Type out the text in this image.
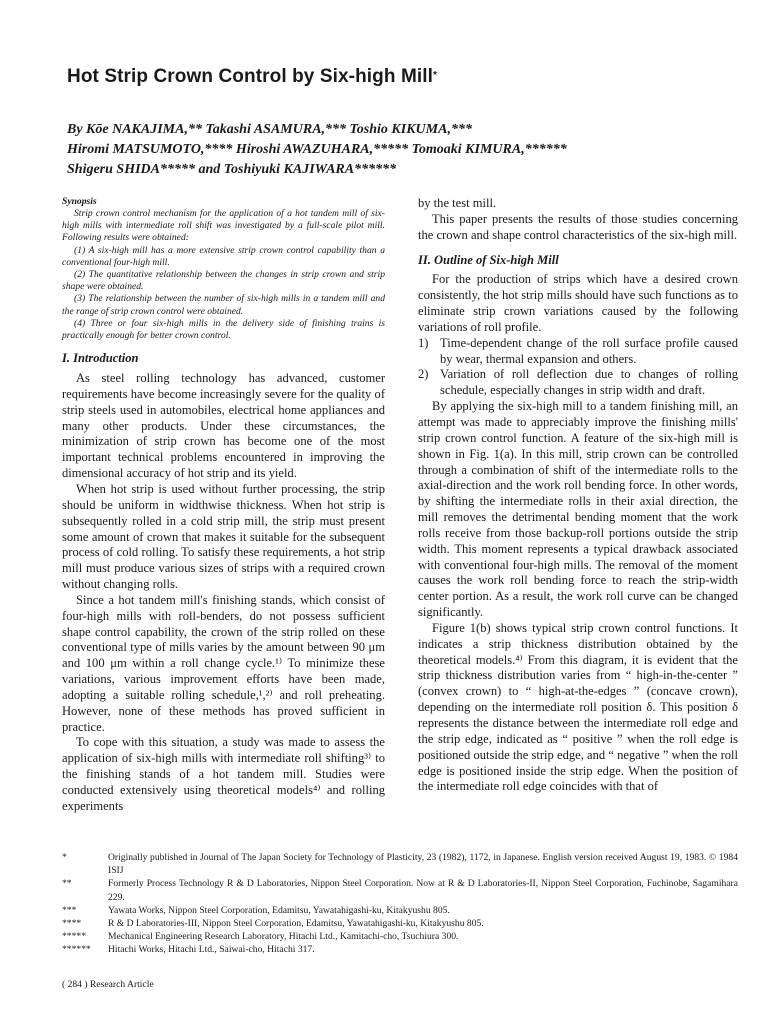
Hot Strip Crown Control by Six-high Mill*
By Kōe NAKAJIMA,** Takashi ASAMURA,*** Toshio KIKUMA,***
Hiromi MATSUMOTO,**** Hiroshi AWAZUHARA,***** Tomoaki KIMURA,******
Shigeru SHIDA***** and Toshiyuki KAJIWARA******

Synopsis

Strip crown control mechanism for the application of a hot tandem mill of six-high mills with intermediate roll shift was investigated by a full-scale pilot mill. Following results were obtained:

(1) A six-high mill has a more extensive strip crown control capability than a conventional four-high mill.

(2) The quantitative relationship between the changes in strip crown and strip shape were obtained.

(3) The relationship between the number of six-high mills in a tandem mill and the range of strip crown control were obtained.

(4) Three or four six-high mills in the delivery side of finishing trains is practically enough for better crown control.

I. Introduction

As steel rolling technology has advanced, customer requirements have become increasingly severe for the quality of strip steels used in automobiles, electrical home appliances and many other products. Under these circumstances, the minimization of strip crown has become one of the most important technical problems encountered in improving the dimensional accuracy of hot strip and its yield.

When hot strip is used without further processing, the strip should be uniform in widthwise thickness. When hot strip is subsequently rolled in a cold strip mill, the strip must present some amount of crown that makes it suitable for the subsequent process of cold rolling. To satisfy these requirements, a hot strip mill must produce various sizes of strips with a required crown without changing rolls.

Since a hot tandem mill's finishing stands, which consist of four-high mills with roll-benders, do not possess sufficient shape control capability, the crown of the strip rolled on these conventional type of mills varies by the amount between 90 μm and 100 μm within a roll change cycle.¹⁾ To minimize these variations, various improvement efforts have been made, adopting a suitable rolling schedule,¹,²⁾ and roll preheating. However, none of these methods has proved sufficient in practice.

To cope with this situation, a study was made to assess the application of six-high mills with intermediate roll shifting³⁾ to the finishing stands of a hot tandem mill. Studies were conducted extensively using theoretical models⁴⁾ and rolling experiments

by the test mill.

This paper presents the results of those studies concerning the crown and shape control characteristics of the six-high mill.

II. Outline of Six-high Mill

For the production of strips which have a desired crown consistently, the hot strip mills should have such functions as to eliminate strip crown variations caused by the following variations of roll profile.

1) Time-dependent change of the roll surface profile caused by wear, thermal expansion and others.
2) Variation of roll deflection due to changes of rolling schedule, especially changes in strip width and draft.

By applying the six-high mill to a tandem finishing mill, an attempt was made to appreciably improve the finishing mills' strip crown control function. A feature of the six-high mill is shown in Fig. 1(a). In this mill, strip crown can be controlled through a combination of shift of the intermediate rolls to the axial-direction and the work roll bending force. In other words, by shifting the intermediate rolls in their axial direction, the mill removes the detrimental bending moment that the work rolls receive from those backup-roll portions outside the strip width. This moment represents a typical drawback associated with conventional four-high mills. The removal of the moment causes the work roll bending force to reach the strip-width center portion. As a result, the work roll curve can be changed significantly.

Figure 1(b) shows typical strip crown control functions. It indicates a strip thickness distribution obtained by the theoretical models.⁴⁾ From this diagram, it is evident that the strip thickness distribution varies from “ high-in-the-center ” (convex crown) to “ high-at-the-edges ” (concave crown), depending on the intermediate roll position δ. This position δ represents the distance between the intermediate roll edge and the strip edge, indicated as “ positive ” when the roll edge is positioned outside the strip edge, and “ negative ” when the roll edge is positioned inside the strip edge. When the position of the intermediate roll edge coincides with that of

*	Originally published in Journal of The Japan Society for Technology of Plasticity, 23 (1982), 1172, in Japanese. English version received August 19, 1983. © 1984 ISIJ
**	Formerly Process Technology R & D Laboratories, Nippon Steel Corporation. Now at R & D Laboratories-II, Nippon Steel Corporation, Fuchinobe, Sagamihara 229.
***	Yawata Works, Nippon Steel Corporation, Edamitsu, Yawatahigashi-ku, Kitakyushu 805.
****	R & D Laboratories-III, Nippon Steel Corporation, Edamitsu, Yawatahigashi-ku, Kitakyushu 805.
*****	Mechanical Engineering Research Laboratory, Hitachi Ltd., Kamitachi-cho, Tsuchiura 300.
******	Hitachi Works, Hitachi Ltd., Saiwai-cho, Hitachi 317.
( 284 ) Research Article
